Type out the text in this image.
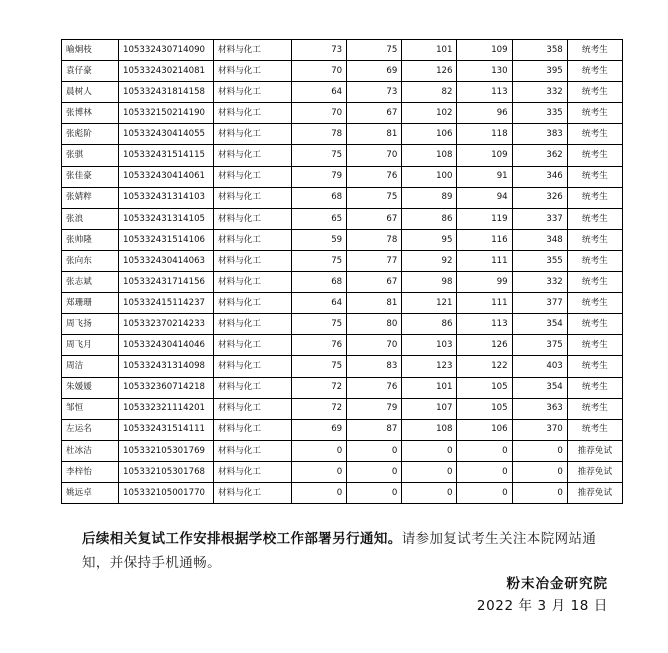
喻炯枝	105332430714090	材料与化工	73	75	101	109	358	统考生
袁仔豪	105332430214081	材料与化工	70	69	126	130	395	统考生
晨树人	105332431814158	材料与化工	64	73	82	113	332	统考生
张博林	105332150214190	材料与化工	70	67	102	96	335	统考生
张彪阶	105332430414055	材料与化工	78	81	106	118	383	统考生
张骐	105332431514115	材料与化工	75	70	108	109	362	统考生
张佳豪	105332430414061	材料与化工	79	76	100	91	346	统考生
张婧粹	105332431314103	材料与化工	68	75	89	94	326	统考生
张浪	105332431314105	材料与化工	65	67	86	119	337	统考生
张帅隆	105332431514106	材料与化工	59	78	95	116	348	统考生
张向东	105332430414063	材料与化工	75	77	92	111	355	统考生
张志斌	105332431714156	材料与化工	68	67	98	99	332	统考生
郑珊珊	105332415114237	材料与化工	64	81	121	111	377	统考生
周飞扬	105332370214233	材料与化工	75	80	86	113	354	统考生
周飞月	105332430414046	材料与化工	76	70	103	126	375	统考生
周洁	105332431314098	材料与化工	75	83	123	122	403	统考生
朱媛媛	105332360714218	材料与化工	72	76	101	105	354	统考生
邹恒	105332321114201	材料与化工	72	79	107	105	363	统考生
左运名	105332431514111	材料与化工	69	87	108	106	370	统考生
杜冰洁	105332105301769	材料与化工	0	0	0	0	0	推荐免试
李梓怡	105332105301768	材料与化工	0	0	0	0	0	推荐免试
姚远卓	105332105001770	材料与化工	0	0	0	0	0	推荐免试
后续相关复试工作安排根据学校工作部署另行通知。请参加复试考生关注本院网站通知，并保持手机通畅。
粉末冶金研究院
2022 年 3 月 18 日
